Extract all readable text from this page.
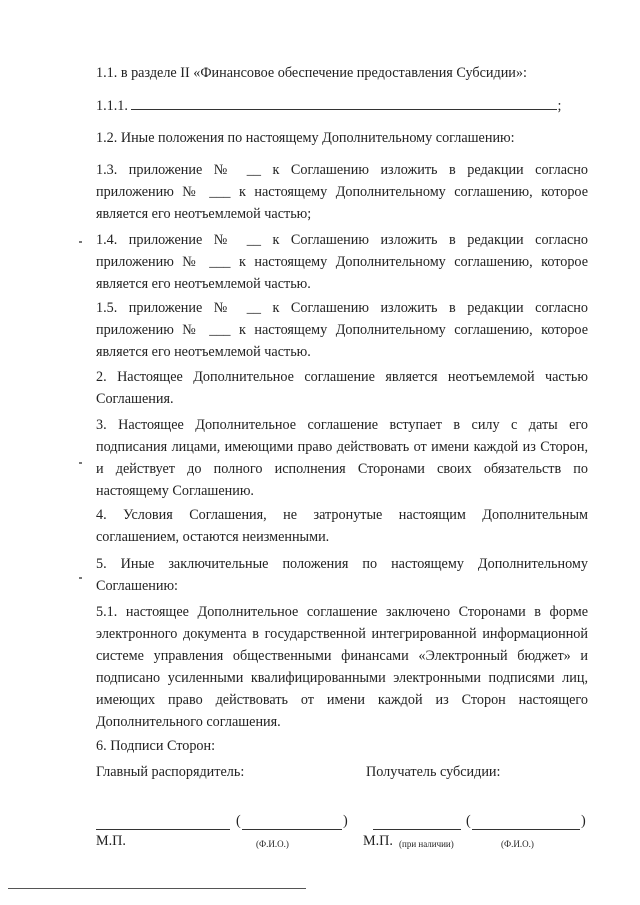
1.1. в разделе II «Финансовое обеспечение предоставления Субсидии»:

1.1.1.	;

1.2. Иные положения по настоящему Дополнительному соглашению:

1.3. приложение № __ к Соглашению изложить в редакции согласно приложению № ___ к настоящему Дополнительному соглашению, которое является его неотъемлемой частью;

1.4. приложение № __ к Соглашению изложить в редакции согласно приложению № ___ к настоящему Дополнительному соглашению, которое является его неотъемлемой частью.

1.5. приложение № __ к Соглашению изложить в редакции согласно приложению № ___ к настоящему Дополнительному соглашению, которое является его неотъемлемой частью.

2. Настоящее Дополнительное соглашение является неотъемлемой частью Соглашения.

3. Настоящее Дополнительное соглашение вступает в силу с даты его подписания лицами, имеющими право действовать от имени каждой из Сторон, и действует до полного исполнения Сторонами своих обязательств по настоящему Соглашению.

4. Условия Соглашения, не затронутые настоящим Дополнительным соглашением, остаются неизменными.

5. Иные заключительные положения по настоящему Дополнительному Соглашению:

5.1. настоящее Дополнительное соглашение заключено Сторонами в форме электронного документа в государственной интегрированной информационной системе управления общественными финансами «Электронный бюджет» и подписано усиленными квалифицированными электронными подписями лиц, имеющих право действовать от имени каждой из Сторон настоящего Дополнительного соглашения.

6. Подписи Сторон:

Главный распорядитель:	Получатель субсидии:
(	)	(	)
М.П.	(Ф.И.О.)	М.П. (при наличии)	(Ф.И.О.)
